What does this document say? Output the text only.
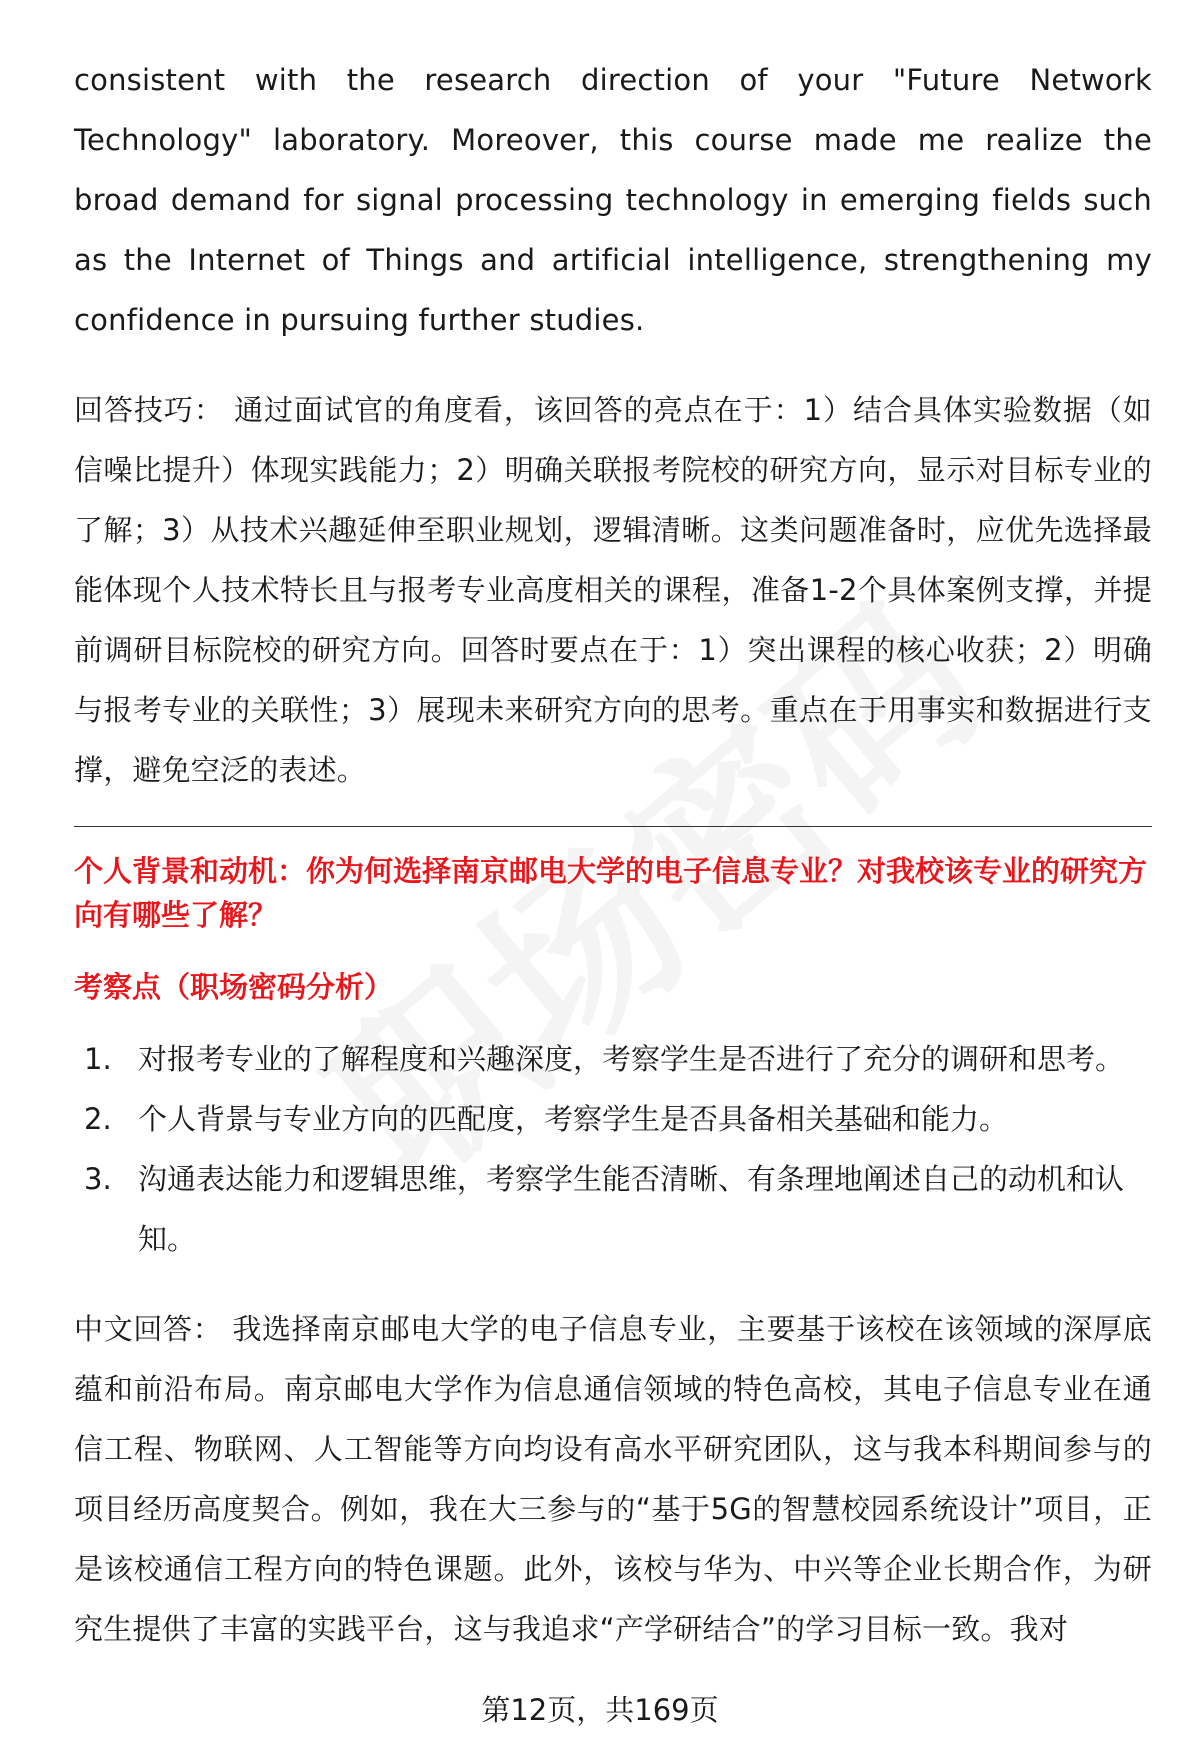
consistent with the research direction of your "Future Network Technology" laboratory. Moreover, this course made me realize the broad demand for signal processing technology in emerging fields such as the Internet of Things and artificial intelligence, strengthening my confidence in pursuing further studies.

回答技巧： 通过面试官的角度看，该回答的亮点在于：1）结合具体实验数据（如信噪比提升）体现实践能力；2）明确关联报考院校的研究方向，显示对目标专业的了解；3）从技术兴趣延伸至职业规划，逻辑清晰。这类问题准备时，应优先选择最能体现个人技术特长且与报考专业高度相关的课程，准备1-2个具体案例支撑，并提前调研目标院校的研究方向。回答时要点在于：1）突出课程的核心收获；2）明确与报考专业的关联性；3）展现未来研究方向的思考。重点在于用事实和数据进行支撑，避免空泛的表述。

个人背景和动机：你为何选择南京邮电大学的电子信息专业？对我校该专业的研究方向有哪些了解？

考察点（职场密码分析）

1. 对报考专业的了解程度和兴趣深度，考察学生是否进行了充分的调研和思考。
2. 个人背景与专业方向的匹配度，考察学生是否具备相关基础和能力。
3. 沟通表达能力和逻辑思维，考察学生能否清晰、有条理地阐述自己的动机和认知。

中文回答： 我选择南京邮电大学的电子信息专业，主要基于该校在该领域的深厚底蕴和前沿布局。南京邮电大学作为信息通信领域的特色高校，其电子信息专业在通信工程、物联网、人工智能等方向均设有高水平研究团队，这与我本科期间参与的项目经历高度契合。例如，我在大三参与的“基于5G的智慧校园系统设计”项目，正是该校通信工程方向的特色课题。此外，该校与华为、中兴等企业长期合作，为研究生提供了丰富的实践平台，这与我追求“产学研结合”的学习目标一致。我对

第12页，共169页
